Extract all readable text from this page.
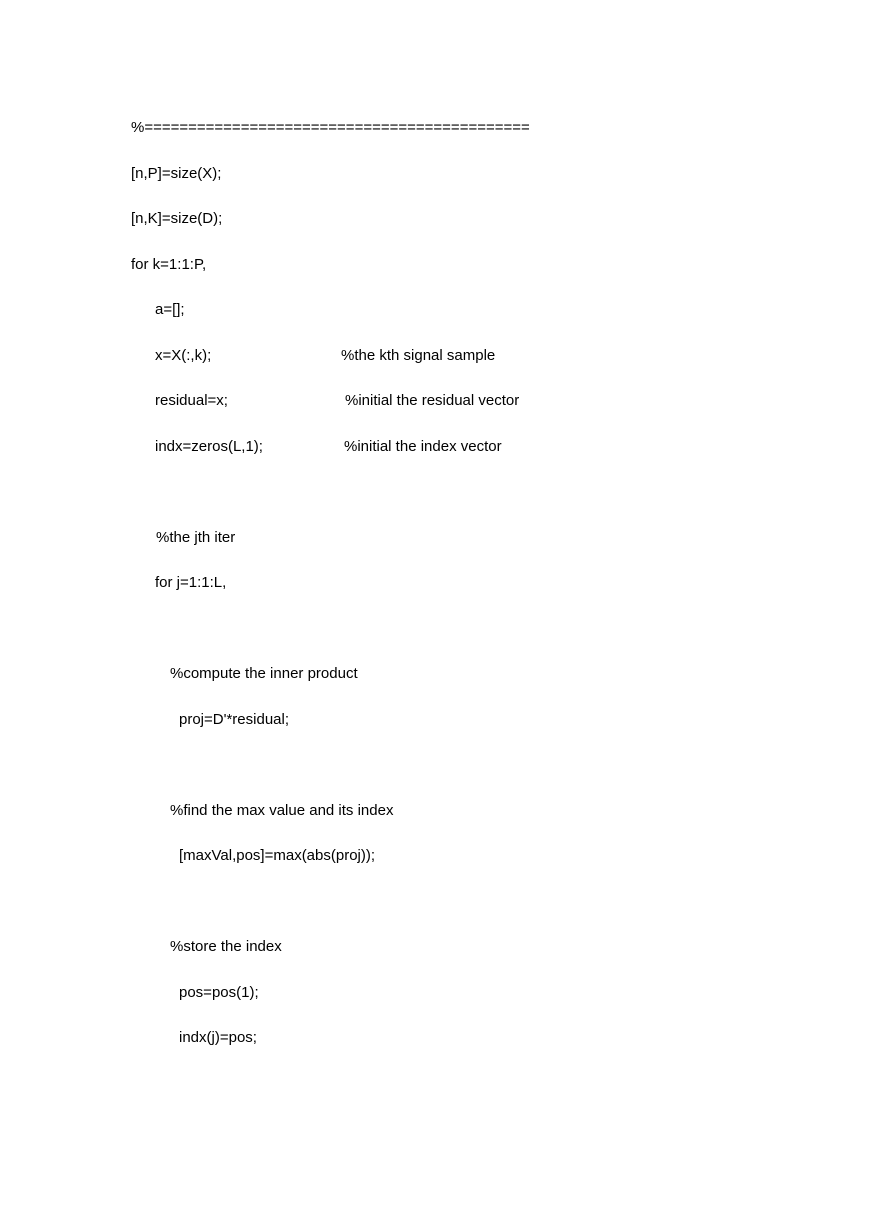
%============================================
[n,P]=size(X);
[n,K]=size(D);
for k=1:1:P,
a=[];
x=X(:,k);	%the kth signal sample
residual=x;	%initial the residual vector
indx=zeros(L,1);	%initial the index vector
%the jth iter
for j=1:1:L,
%compute the inner product
proj=D'*residual;
%find the max value and its index
[maxVal,pos]=max(abs(proj));
%store the index
pos=pos(1);
indx(j)=pos;
